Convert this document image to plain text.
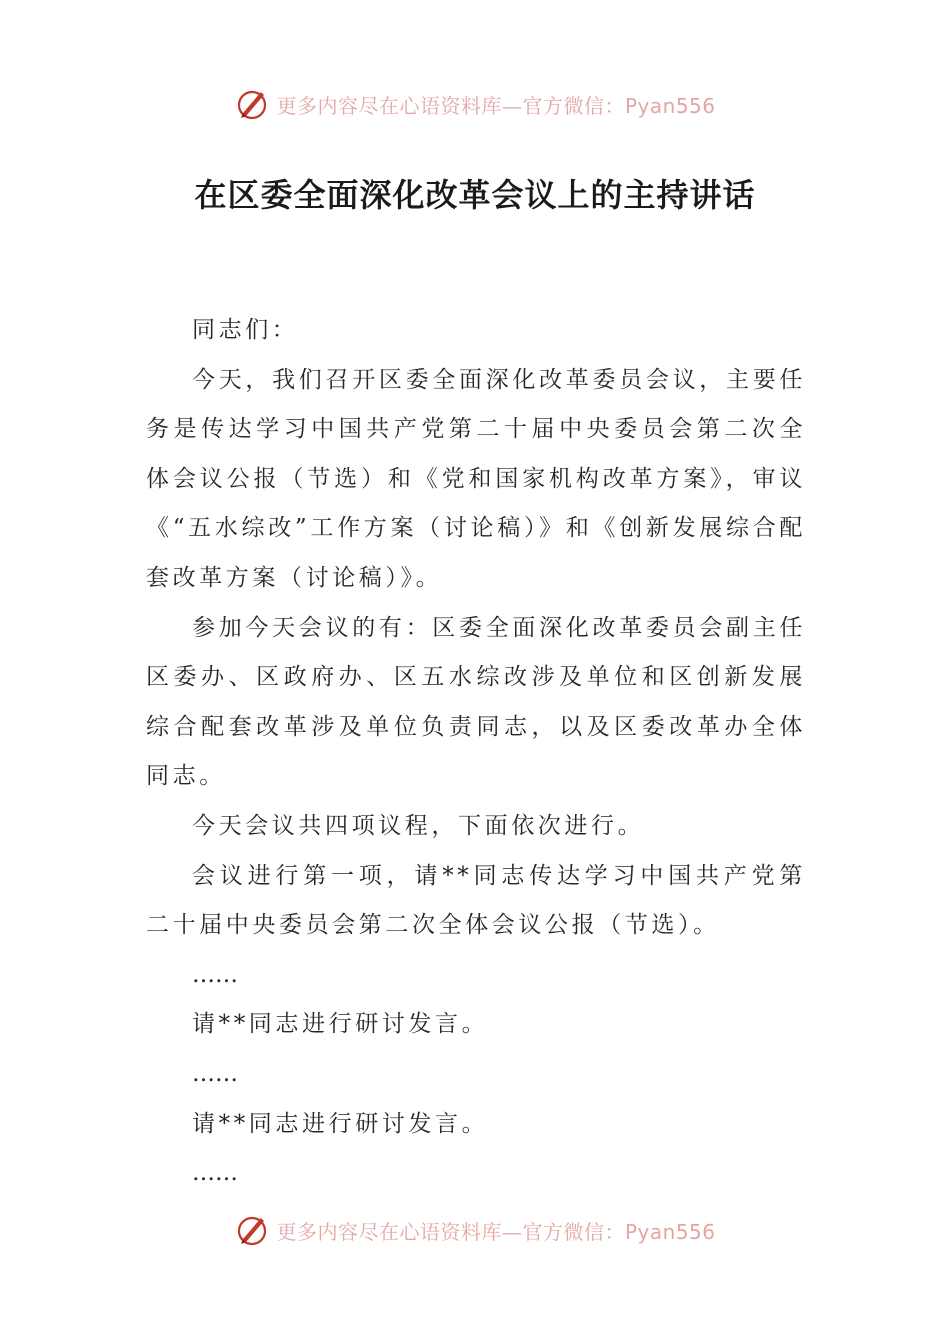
更多内容尽在心语资料库—官方微信：Pyan556
在区委全面深化改革会议上的主持讲话

同志们：

今天，我们召开区委全面深化改革委员会议，主要任务是传达学习中国共产党第二十届中央委员会第二次全体会议公报（节选）和《党和国家机构改革方案》，审议《“五水综改”工作方案（讨论稿）》和《创新发展综合配套改革方案（讨论稿）》。

参加今天会议的有：区委全面深化改革委员会副主任区委办、区政府办、区五水综改涉及单位和区创新发展综合配套改革涉及单位负责同志，以及区委改革办全体同志。

今天会议共四项议程，下面依次进行。

会议进行第一项，请**同志传达学习中国共产党第二十届中央委员会第二次全体会议公报（节选）。

……

请**同志进行研讨发言。

……

请**同志进行研讨发言。

……

更多内容尽在心语资料库—官方微信：Pyan556
